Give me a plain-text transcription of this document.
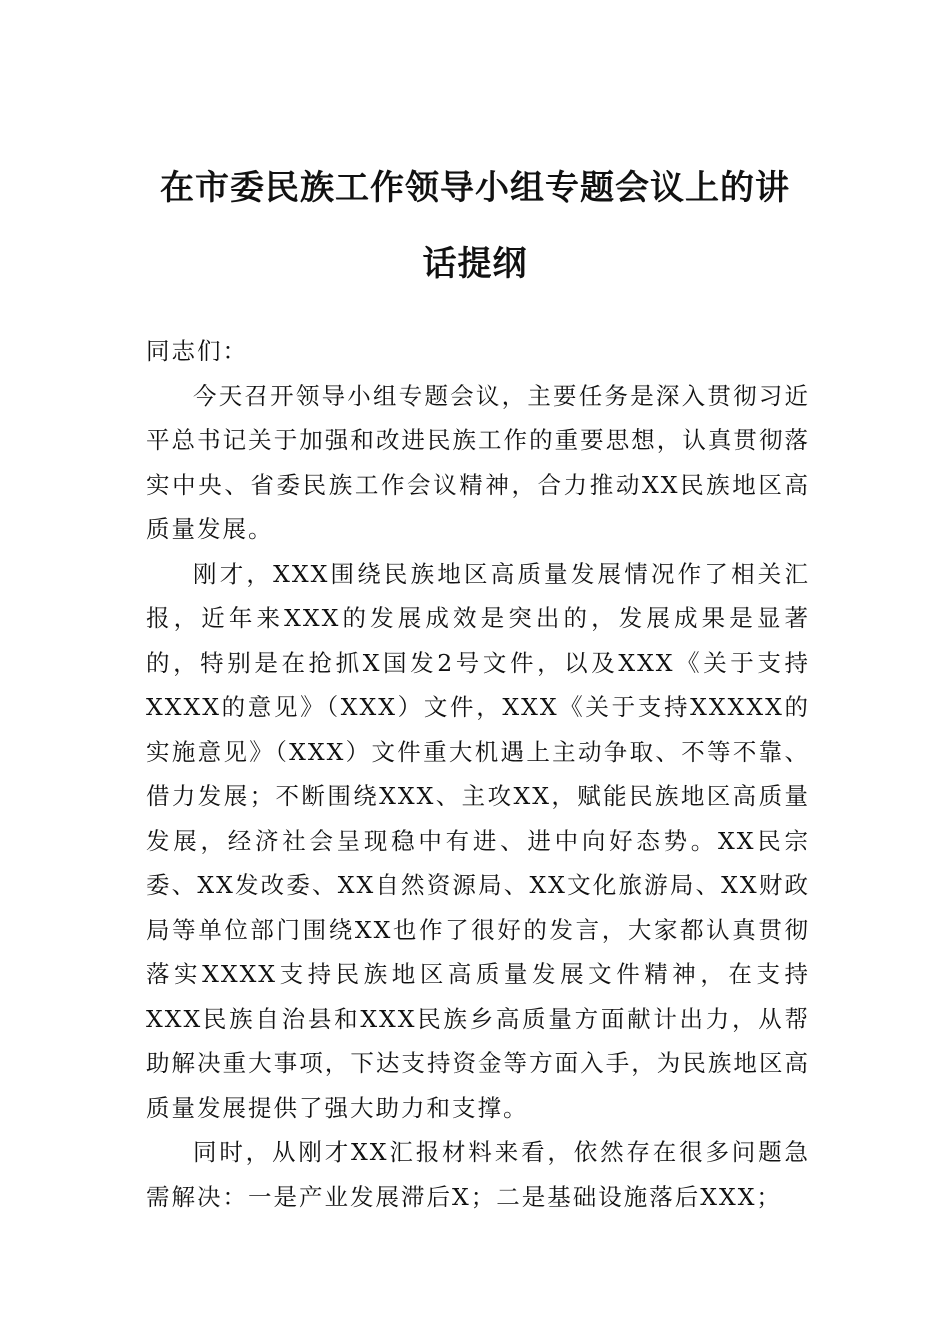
在市委民族工作领导小组专题会议上的讲
话提纲

同志们：

今天召开领导小组专题会议，主要任务是深入贯彻习近平总书记关于加强和改进民族工作的重要思想，认真贯彻落实中央、省委民族工作会议精神，合力推动XX民族地区高质量发展。

刚才，XXX围绕民族地区高质量发展情况作了相关汇报，近年来XXX的发展成效是突出的，发展成果是显著的，特别是在抢抓X国发2号文件，以及XXX《关于支持XXXX的意见》（XXX）文件，XXX《关于支持XXXXX的实施意见》（XXX）文件重大机遇上主动争取、不等不靠、借力发展；不断围绕XXX、主攻XX，赋能民族地区高质量发展，经济社会呈现稳中有进、进中向好态势。XX民宗委、XX发改委、XX自然资源局、XX文化旅游局、XX财政局等单位部门围绕XX也作了很好的发言，大家都认真贯彻落实XXXX支持民族地区高质量发展文件精神，在支持XXX民族自治县和XXX民族乡高质量方面献计出力，从帮助解决重大事项，下达支持资金等方面入手，为民族地区高质量发展提供了强大助力和支撑。

同时，从刚才XX汇报材料来看，依然存在很多问题急需解决：一是产业发展滞后X；二是基础设施落后XXX；
